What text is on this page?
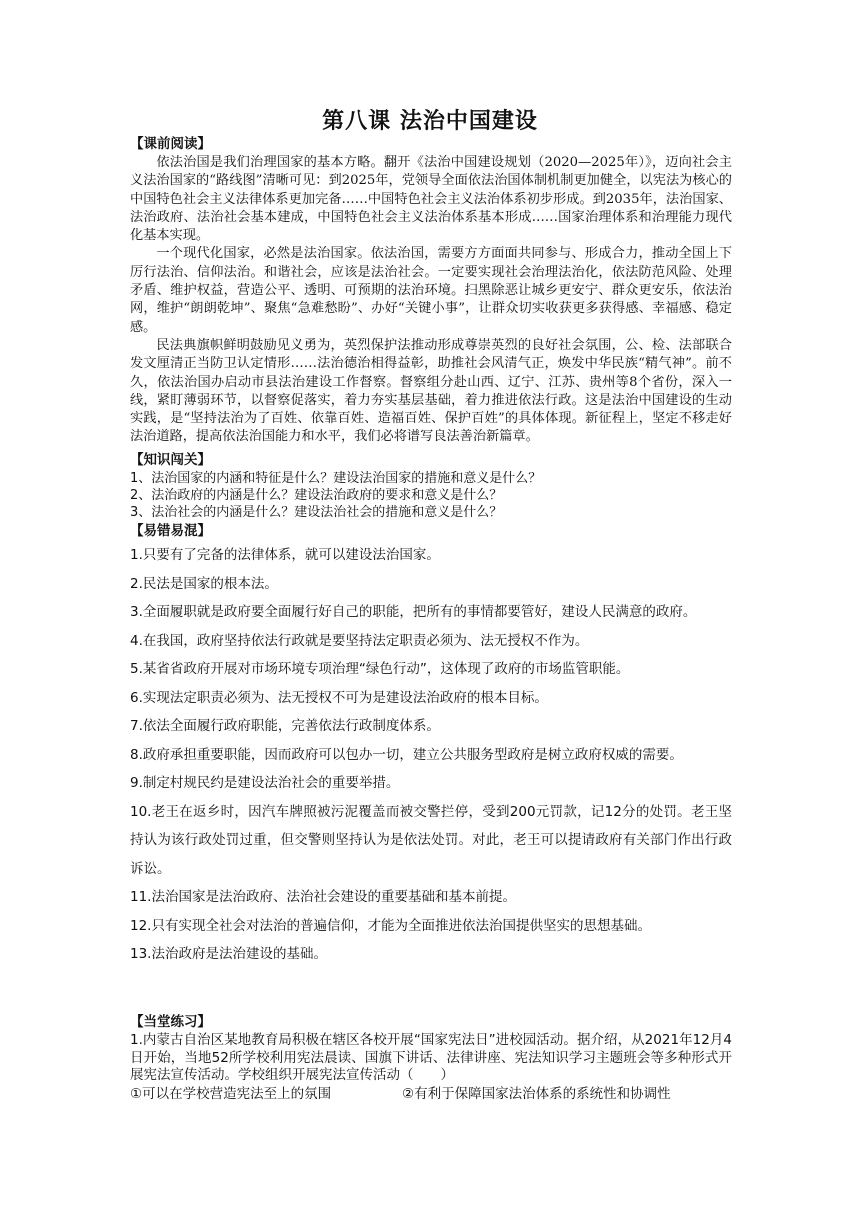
第八课 法治中国建设
【课前阅读】

依法治国是我们治理国家的基本方略。翻开《法治中国建设规划（2020—2025年）》，迈向社会主义法治国家的“路线图”清晰可见：到2025年，党领导全面依法治国体制机制更加健全，以宪法为核心的中国特色社会主义法律体系更加完备……中国特色社会主义法治体系初步形成。到2035年，法治国家、法治政府、法治社会基本建成，中国特色社会主义法治体系基本形成……国家治理体系和治理能力现代化基本实现。

一个现代化国家，必然是法治国家。依法治国，需要方方面面共同参与、形成合力，推动全国上下厉行法治、信仰法治。和谐社会，应该是法治社会。一定要实现社会治理法治化，依法防范风险、处理矛盾、维护权益，营造公平、透明、可预期的法治环境。扫黑除恶让城乡更安宁、群众更安乐，依法治网，维护“朗朗乾坤”、聚焦“急难愁盼”、办好“关键小事”，让群众切实收获更多获得感、幸福感、稳定感。

民法典旗帜鲜明鼓励见义勇为，英烈保护法推动形成尊崇英烈的良好社会氛围，公、检、法部联合发文厘清正当防卫认定情形……法治德治相得益彰，助推社会风清气正，焕发中华民族“精气神”。前不久，依法治国办启动市县法治建设工作督察。督察组分赴山西、辽宁、江苏、贵州等8个省份，深入一线，紧盯薄弱环节，以督察促落实，着力夯实基层基础，着力推进依法行政。这是法治中国建设的生动实践，是“坚持法治为了百姓、依靠百姓、造福百姓、保护百姓”的具体体现。新征程上，坚定不移走好法治道路，提高依法治国能力和水平，我们必将谱写良法善治新篇章。

【知识闯关】

1、法治国家的内涵和特征是什么？建设法治国家的措施和意义是什么？

2、法治政府的内涵是什么？建设法治政府的要求和意义是什么？

3、法治社会的内涵是什么？建设法治社会的措施和意义是什么？

【易错易混】

1.只要有了完备的法律体系，就可以建设法治国家。

2.民法是国家的根本法。

3.全面履职就是政府要全面履行好自己的职能，把所有的事情都要管好，建设人民满意的政府。

4.在我国，政府坚持依法行政就是要坚持法定职责必须为、法无授权不作为。

5.某省省政府开展对市场环境专项治理“绿色行动”，这体现了政府的市场监管职能。

6.实现法定职责必须为、法无授权不可为是建设法治政府的根本目标。

7.依法全面履行政府职能，完善依法行政制度体系。

8.政府承担重要职能，因而政府可以包办一切，建立公共服务型政府是树立政府权威的需要。

9.制定村规民约是建设法治社会的重要举措。

10.老王在返乡时，因汽车牌照被污泥覆盖而被交警拦停，受到200元罚款，记12分的处罚。老王坚持认为该行政处罚过重，但交警则坚持认为是依法处罚。对此，老王可以提请政府有关部门作出行政诉讼。

11.法治国家是法治政府、法治社会建设的重要基础和基本前提。

12.只有实现全社会对法治的普遍信仰，才能为全面推进依法治国提供坚实的思想基础。

13.法治政府是法治建设的基础。

【当堂练习】

1.内蒙古自治区某地教育局积极在辖区各校开展“国家宪法日”进校园活动。据介绍，从2021年12月4日开始，当地52所学校利用宪法晨读、国旗下讲话、法律讲座、宪法知识学习主题班会等多种形式开展宪法宣传活动。学校组织开展宪法宣传活动（　　）

①可以在学校营造宪法至上的氛围	②有利于保障国家法治体系的系统性和协调性
